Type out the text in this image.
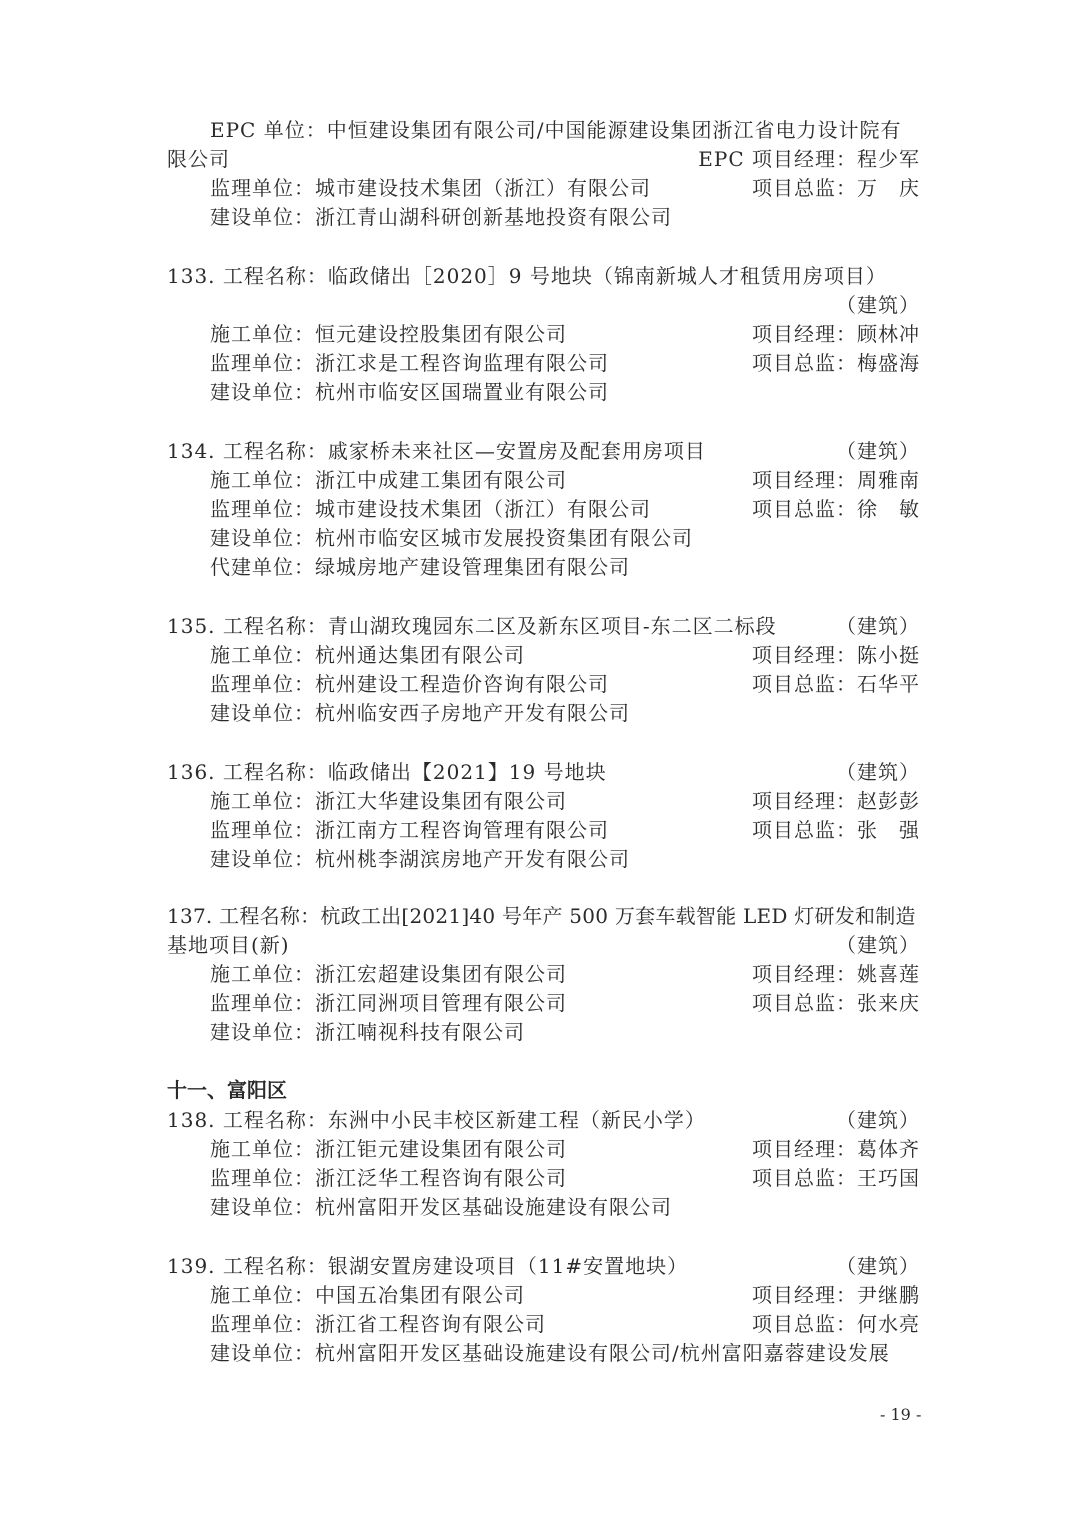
EPC 单位：中恒建设集团有限公司/中国能源建设集团浙江省电力设计院有
限公司	EPC 项目经理：程少军
监理单位：城市建设技术集团（浙江）有限公司	项目总监：万　庆
建设单位：浙江青山湖科研创新基地投资有限公司
133. 工程名称：临政储出［2020］9 号地块（锦南新城人才租赁用房项目）
（建筑）
施工单位：恒元建设控股集团有限公司	项目经理：顾林冲
监理单位：浙江求是工程咨询监理有限公司	项目总监：梅盛海
建设单位：杭州市临安区国瑞置业有限公司
134. 工程名称：戚家桥未来社区—安置房及配套用房项目	（建筑）
施工单位：浙江中成建工集团有限公司	项目经理：周雅南
监理单位：城市建设技术集团（浙江）有限公司	项目总监：徐　敏
建设单位：杭州市临安区城市发展投资集团有限公司
代建单位：绿城房地产建设管理集团有限公司
135. 工程名称：青山湖玫瑰园东二区及新东区项目-东二区二标段	（建筑）
施工单位：杭州通达集团有限公司	项目经理：陈小挺
监理单位：杭州建设工程造价咨询有限公司	项目总监：石华平
建设单位：杭州临安西子房地产开发有限公司
136. 工程名称：临政储出【2021】19 号地块	（建筑）
施工单位：浙江大华建设集团有限公司	项目经理：赵彭彭
监理单位：浙江南方工程咨询管理有限公司	项目总监：张　强
建设单位：杭州桃李湖滨房地产开发有限公司
137. 工程名称：杭政工出[2021]40 号年产 500 万套车载智能 LED 灯研发和制造
基地项目(新)	（建筑）
施工单位：浙江宏超建设集团有限公司	项目经理：姚喜莲
监理单位：浙江同洲项目管理有限公司	项目总监：张来庆
建设单位：浙江喃视科技有限公司
十一、富阳区
138. 工程名称：东洲中小民丰校区新建工程（新民小学）	（建筑）
施工单位：浙江钜元建设集团有限公司	项目经理：葛体齐
监理单位：浙江泛华工程咨询有限公司	项目总监：王巧国
建设单位：杭州富阳开发区基础设施建设有限公司
139. 工程名称：银湖安置房建设项目（11#安置地块）	（建筑）
施工单位：中国五冶集团有限公司	项目经理：尹继鹏
监理单位：浙江省工程咨询有限公司	项目总监：何水亮
建设单位：杭州富阳开发区基础设施建设有限公司/杭州富阳嘉蓉建设发展
- 19 -
